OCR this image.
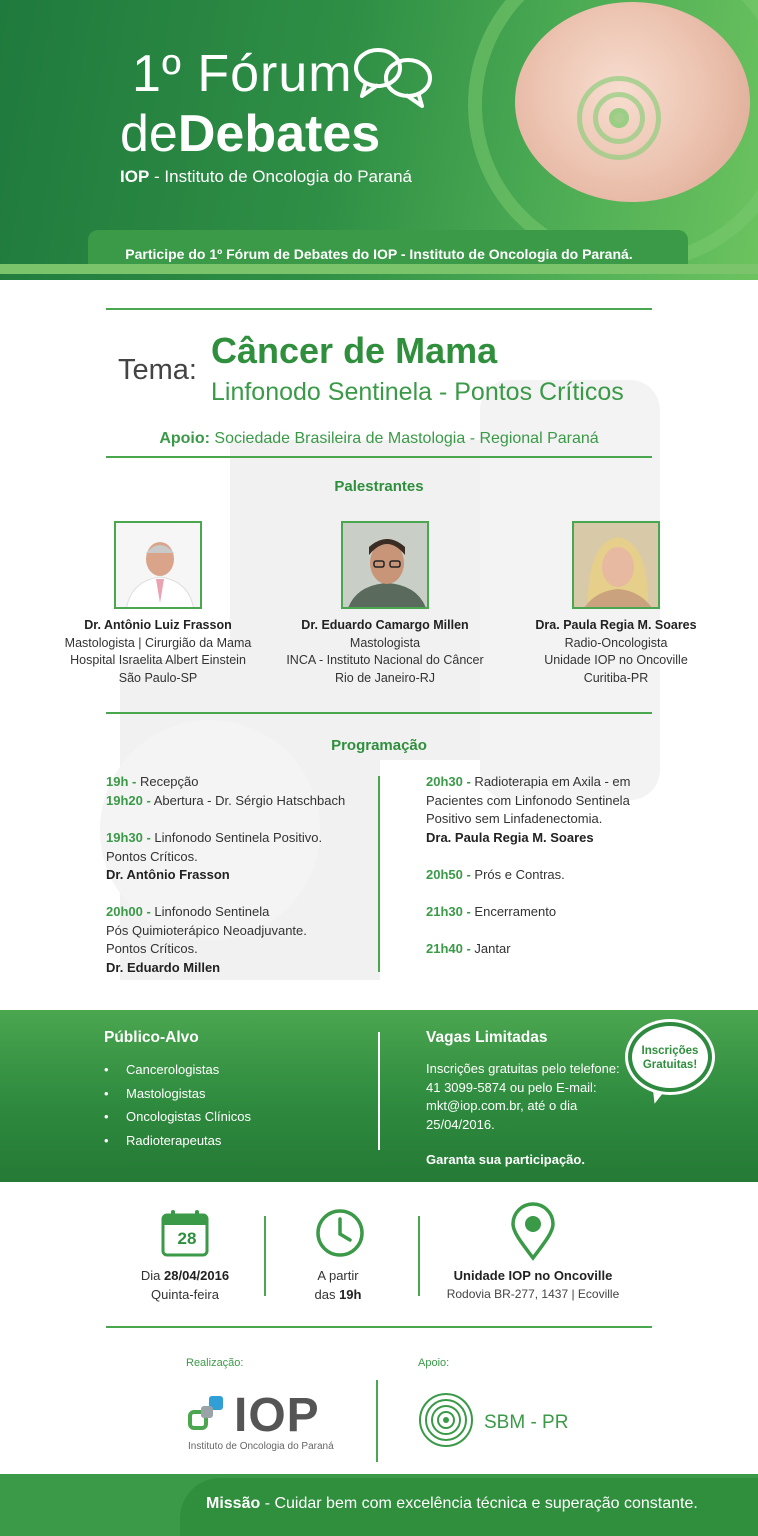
1º Fórum
deDebates
IOP - Instituto de Oncologia do Paraná
Participe do 1º Fórum de Debates do IOP - Instituto de Oncologia do Paraná.
Tema: Câncer de Mama
Linfonodo Sentinela - Pontos Críticos
Apoio: Sociedade Brasileira de Mastologia - Regional Paraná
Palestrantes
Dr. Antônio Luiz Frasson
Mastologista | Cirurgião da Mama
Hospital Israelita Albert Einstein
São Paulo-SP
Dr. Eduardo Camargo Millen
Mastologista
INCA - Instituto Nacional do Câncer
Rio de Janeiro-RJ
Dra. Paula Regia M. Soares
Radio-Oncologista
Unidade IOP no Oncoville
Curitiba-PR
Programação
19h - Recepção
19h20 - Abertura - Dr. Sérgio Hatschbach
19h30 - Linfonodo Sentinela Positivo.
Pontos Críticos.
Dr. Antônio Frasson
20h00 - Linfonodo Sentinela
Pós Quimioterápico Neoadjuvante.
Pontos Críticos.
Dr. Eduardo Millen
20h30 - Radioterapia em Axila - em
Pacientes com Linfonodo Sentinela
Positivo sem Linfadenectomia.
Dra. Paula Regia M. Soares
20h50 - Prós e Contras.
21h30 - Encerramento
21h40 - Jantar
Público-Alvo
• Cancerologistas
• Mastologistas
• Oncologistas Clínicos
• Radioterapeutas
Vagas Limitadas
Inscrições gratuitas pelo telefone:
41 3099-5874 ou pelo E-mail:
mkt@iop.com.br, até o dia
25/04/2016.
Garanta sua participação.
Inscrições
Gratuitas!
28
Dia 28/04/2016
Quinta-feira
A partir
das 19h
Unidade IOP no Oncoville
Rodovia BR-277, 1437 | Ecoville
Realização:	Apoio:
IOP
Instituto de Oncologia do Paraná
SBM - PR
Missão - Cuidar bem com excelência técnica e superação constante.
